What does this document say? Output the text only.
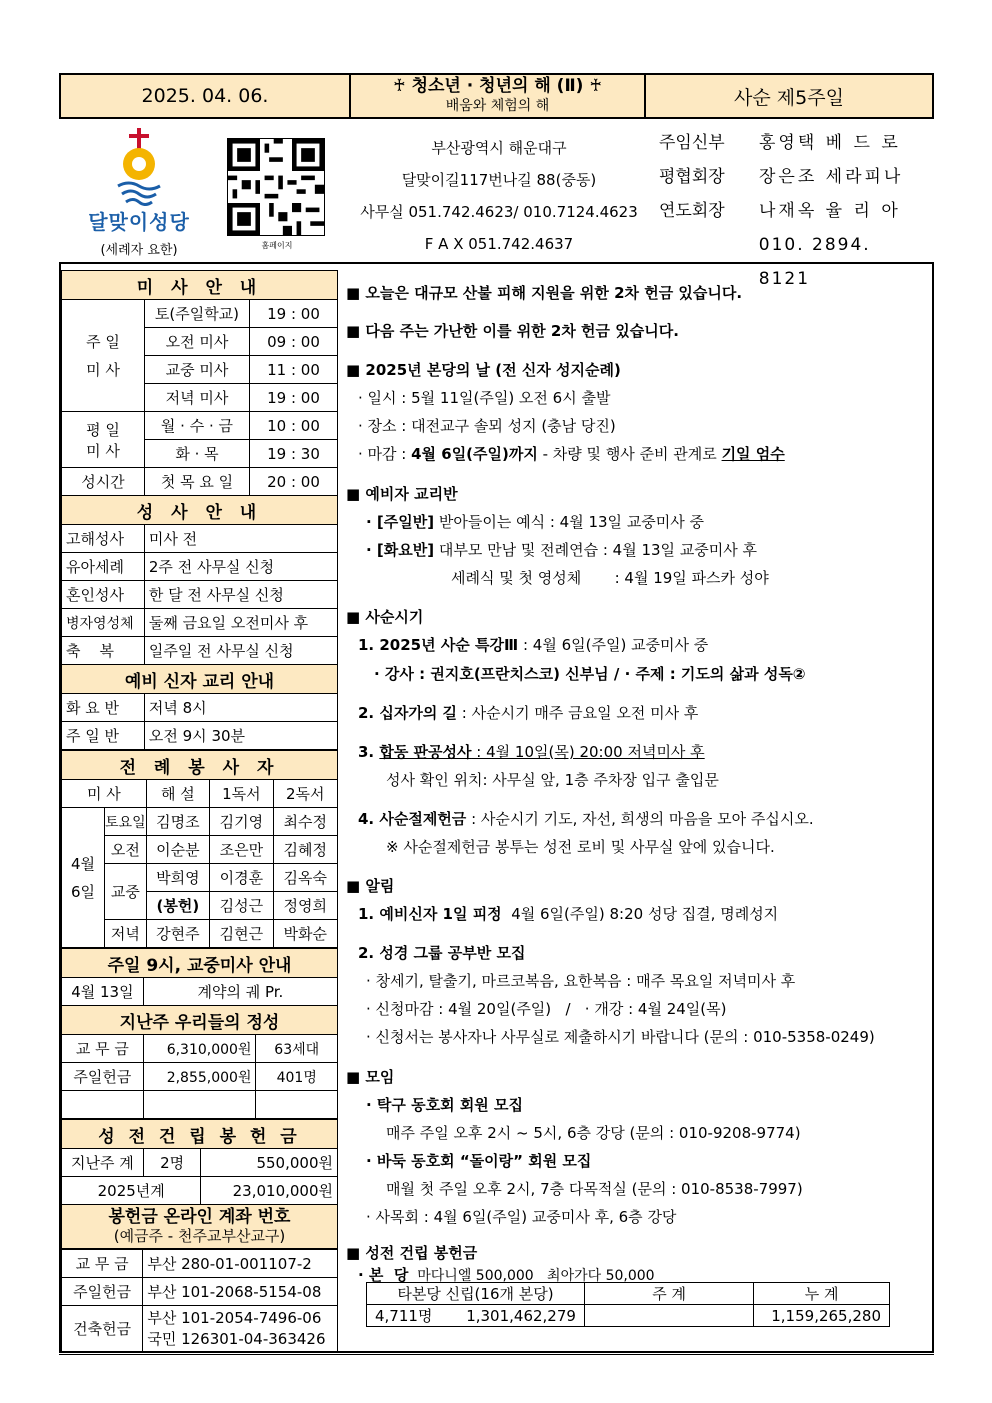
2025. 04. 06.	♰ 청소년 · 청년의 해 (Ⅱ) ♰
배움와 체험의 해	사순 제5주일
달맞이성당
(세례자 요한)	홈페이지
부산광역시 해운대구
달맞이길117번나길 88(중동)
사무실 051.742.4623/ 010.7124.4623
F A X 051.742.4637
주임신부	홍영택 베 드 로
평협회장	장은조 세라피나
연도회장	나재옥 율 리 아
010. 2894. 8121
미 사 안 내		

주 일
미 사	토(주일학교)	19 : 00
	오전 미사	09 : 00
	교중 미사	11 : 00
	저녁 미사	19 : 00

평 일
미 사	월 · 수 · 금	10 : 00
	화 · 목	19 : 30
성시간	첫 목 요 일	20 : 00
성 사 안 내		
고해성사	미사 전	
유아세례	2주 전 사무실 신청	
혼인성사	한 달 전 사무실 신청	
병자영성체	둘째 금요일 오전미사 후	
축    복	일주일 전 사무실 신청	
예비 신자 교리 안내		
화 요 반	저녁 8시	
주 일 반	오전 9시 30분	
전 례 봉 사 자				
미 사		해 설	1독서	2독서

4월
6일	토요일	김명조	김기영	최수정
	오전	이순분	조은만	김혜정
	교중	박희영	이경훈	김옥숙
		(봉헌)	김성근	정영희
	저녁	강현주	김현근	박화순
주일 9시, 교중미사 안내		
4월 13일	계약의 궤 Pr.	
지난주 우리들의 정성		
교 무 금	6,310,000원	63세대
주일헌금	2,855,000원	401명

성 전 건 립 봉 헌 금		
지난주 계	2명	550,000원
2025년계		23,010,000원

봉헌금 온라인 계좌 번호
(예금주 - 천주교부산교구)		
교 무 금	부산 280-01-001107-2
주일헌금	부산 101-2068-5154-08
건축헌금	부산 101-2054-7496-06
국민 126301-04-363426
■ 오늘은 대규모 산불 피해 지원을 위한 2차 헌금 있습니다.
■ 다음 주는 가난한 이를 위한 2차 헌금 있습니다.
■ 2025년 본당의 날 (전 신자 성지순례)
· 일시 : 5월 11일(주일) 오전 6시 출발
· 장소 : 대전교구 솔뫼 성지 (충남 당진)
· 마감 : 4월 6일(주일)까지 - 차량 및 행사 준비 관계로 기일 엄수
■ 예비자 교리반
· [주일반] 받아들이는 예식 : 4월 13일 교중미사 중
· [화요반] 대부모 만남 및 전례연습 : 4월 13일 교중미사 후
세례식 및 첫 영성체       : 4월 19일 파스카 성야
■ 사순시기
1. 2025년 사순 특강Ⅲ : 4월 6일(주일) 교중미사 중
· 강사 : 권지호(프란치스코) 신부님 / · 주제 : 기도의 삶과 성독②
2. 십자가의 길 : 사순시기 매주 금요일 오전 미사 후
3. 합동 판공성사 : 4월 10일(목) 20:00 저녁미사 후
성사 확인 위치: 사무실 앞, 1층 주차장 입구 출입문
4. 사순절제헌금 : 사순시기 기도, 자선, 희생의 마음을 모아 주십시오.
※ 사순절제헌금 봉투는 성전 로비 및 사무실 앞에 있습니다.
■ 알림
1. 예비신자 1일 피정  4월 6일(주일) 8:20 성당 집결, 명례성지
2. 성경 그룹 공부반 모집
· 창세기, 탈출기, 마르코복음, 요한복음 : 매주 목요일 저녁미사 후
· 신청마감 : 4월 20일(주일)   /   · 개강 : 4월 24일(목)
· 신청서는 봉사자나 사무실로 제출하시기 바랍니다 (문의 : 010-5358-0249)
■ 모임
· 탁구 동호회 회원 모집
매주 주일 오후 2시 ~ 5시, 6층 강당 (문의 : 010-9208-9774)
· 바둑 동호회 “돌이랑” 회원 모집
매월 첫 주일 오후 2시, 7층 다목적실 (문의 : 010-8538-7997)
· 사목회 : 4월 6일(주일) 교중미사 후, 6층 강당
■ 성전 건립 봉헌금
· 본  당  마다니엘 500,000   최아가다 50,000
타본당 신립(16개 본당)		주 계	누 계
4,711명	1,301,462,279		1,159,265,280
